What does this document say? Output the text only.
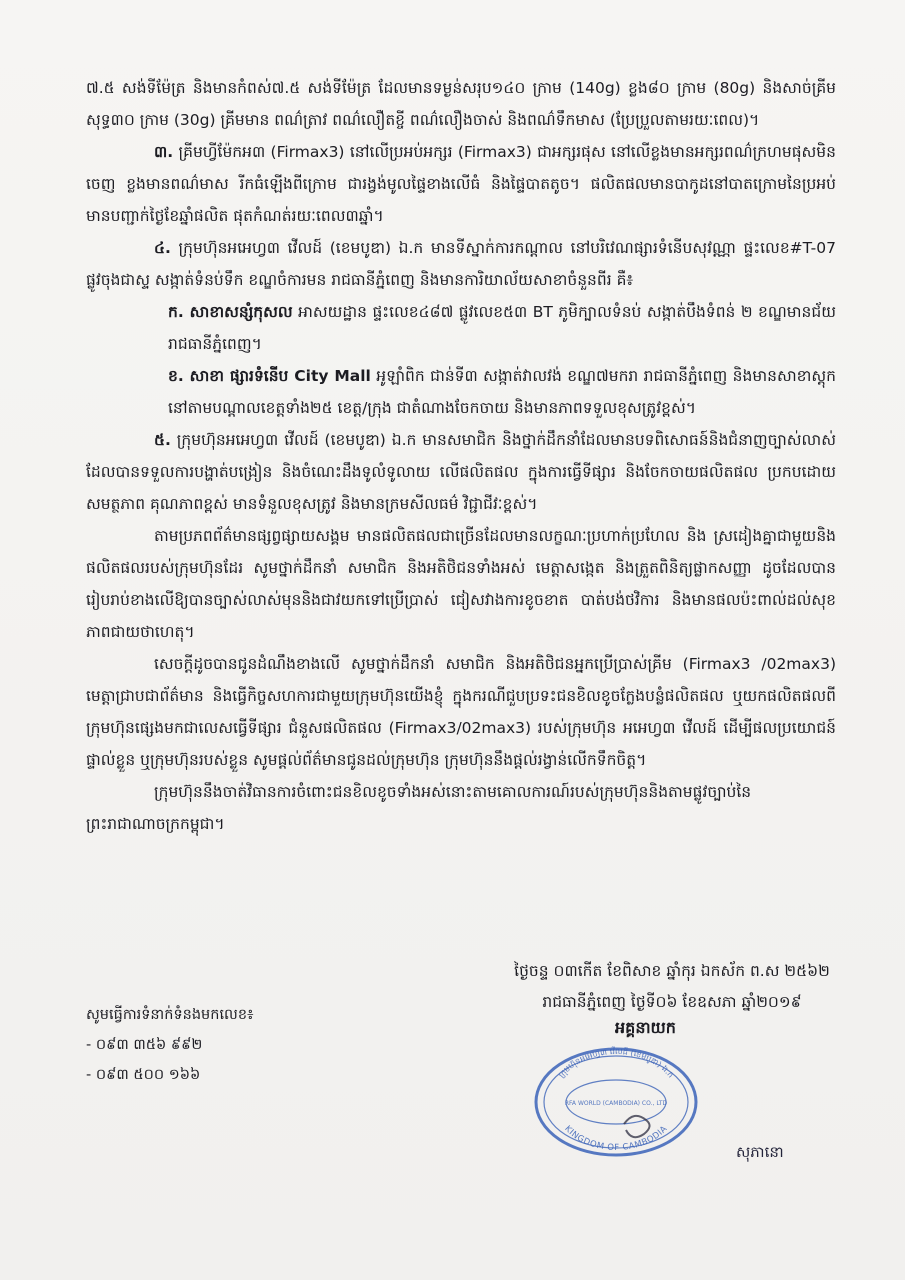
៧.៥ សង់ទីម៉ែត្រ និងមានកំពស់៧.៥ សង់ទីម៉ែត្រ ដែលមានទម្ងន់សរុប១៤០ ក្រាម (140g) ខ្លង៨០ ក្រាម (80g) និងសាច់គ្រីមសុទ្ធ៣០ ក្រាម (30g) គ្រីមមាន ពណ៌ត្រាវ ពណ៌លឿតខ្ចី ពណ៌លឿងចាស់ និងពណ៌ទឹកមាស (ប្រែប្រួលតាមរយៈពេល)។

៣. គ្រីមហ្វីម៉ែកអ៣ (Firmax3) នៅលើប្រអប់អក្សរ (Firmax3) ជាអក្សរផុស នៅលើខ្លងមានអក្សរពណ៌ក្រហមផុសមិនចេញ ខ្លងមានពណ៌មាស រីកធំឡើងពីក្រោម ជារង្វង់មូលផ្ទៃខាងលើធំ និងផ្ទៃបាតតូច។ ផលិតផលមានបាកូដនៅបាតក្រោមនៃប្រអប់ មានបញ្ជាក់ថ្ងៃខែឆ្នាំផលិត ផុតកំណត់រយៈពេល៣ឆ្នាំ។

៤. ក្រុមហ៊ុនអអេហ្វ៣ វើលដ៍ (ខេមបូឌា) ឯ.ក មានទីស្នាក់ការកណ្តាល នៅបរិវេណផ្សារទំនើបសុវណ្ណា ផ្ទះលេខ#T-07 ផ្លូវចុងជាស្ទ សង្កាត់ទំនប់ទឹក ខណ្ឌចំការមន រាជធានីភ្នំពេញ និងមានការិយាល័យសាខាចំនួនពីរ គឺ៖

ក. សាខាសន្សំកុសល អាសយដ្ឋាន ផ្ទះលេខ៤៨៧ ផ្លូវលេខ៥៣ BT ភូមិក្បាលទំនប់ សង្កាត់បឹងទំពន់ ២ ខណ្ឌមានជ័យ រាជធានីភ្នំពេញ។

ខ. សាខា ផ្សារទំនើប City Mall អូឡាំពិក ជាន់ទី៣ សង្កាត់វាលវង់ ខណ្ឌ៧មករា រាជធានីភ្នំពេញ និងមានសាខាស្តុកនៅតាមបណ្តាលខេត្តទាំង២៥ ខេត្ត/ក្រុង ជាតំណាងចែកចាយ និងមានភាពទទួលខុសត្រូវខ្ពស់។

៥. ក្រុមហ៊ុនអអេហ្វ៣ វើលដ៍ (ខេមបូឌា) ឯ.ក មានសមាជិក និងថ្នាក់ដឹកនាំដែលមានបទពិសោធន៍និងជំនាញច្បាស់លាស់ ដែលបានទទួលការបង្ហាត់បង្រៀន និងចំណេះដឹងទូលំទូលាយ លើផលិតផល ក្នុងការធ្វើទីផ្សារ និងចែកចាយផលិតផល ប្រកបដោយសមត្ថភាព គុណភាពខ្ពស់ មានទំនួលខុសត្រូវ និងមានក្រមសីលធម៌ វិជ្ជាជីវៈខ្ពស់។

តាមប្រភពព័ត៌មានផ្សព្វផ្សាយសង្គម មានផលិតផលជាច្រើនដែលមានលក្ខណៈប្រហាក់ប្រហែល និង ស្រដៀងគ្នាជាមួយនិងផលិតផលរបស់ក្រុមហ៊ុនដែរ សូមថ្នាក់ដឹកនាំ សមាជិក និងអតិថិជនទាំងអស់ មេត្តាសង្កេត និងត្រួតពិនិត្យផ្លាកសញ្ញា ដូចដែលបានរៀបរាប់ខាងលើឱ្យបានច្បាស់លាស់មុននិងជាវយកទៅប្រើប្រាស់ ជៀសវាងការខូចខាត បាត់បង់ថវិការ និងមានផលប៉ះពាល់ដល់សុខភាពជាយថាហេតុ។

សេចក្តីដូចបានជូនដំណឹងខាងលើ សូមថ្នាក់ដឹកនាំ សមាជិក និងអតិថិជនអ្នកប្រើប្រាស់គ្រីម (Firmax3 /02max3) មេត្តាជ្រាបជាព័ត៌មាន និងធ្វើកិច្ចសហការជាមួយក្រុមហ៊ុនយើងខ្ញុំ ក្នុងករណីជួបប្រទះជនខិលខូចក្លែងបន្លំផលិតផល ឬយកផលិតផលពីក្រុមហ៊ុនផ្សេងមកជាលេសធ្វើទីផ្សារ ជំនួសផលិតផល (Firmax3/02max3) របស់ក្រុមហ៊ុន អអេហ្វ៣ វើលដ៍ ដើម្បីផលប្រយោជន៍ផ្ទាល់ខ្លួន ឬក្រុមហ៊ុនរបស់ខ្លួន សូមផ្តល់ព័ត៌មានជូនដល់ក្រុមហ៊ុន ក្រុមហ៊ុននឹងផ្តល់រង្វាន់លើកទឹកចិត្ត។

ក្រុមហ៊ុននឹងចាត់វិធានការចំពោះជនខិលខូចទាំងអស់នោះតាមគោលការណ៍របស់ក្រុមហ៊ុននិងតាមផ្លូវច្បាប់នៃព្រះរាជាណាចក្រកម្ពុជា។

ថ្ងៃចន្ទ ០៣កើត ខែពិសាខ ឆ្នាំកុរ ឯកស័ក ព.ស ២៥៦២
រាជធានីភ្នំពេញ ថ្ងៃទី០៦ ខែឧសភា ឆ្នាំ២០១៩
សូមធ្វើការទំនាក់ទំនងមកលេខ៖
- ០៩៣ ៣៥៦ ៩៩២
- ០៩៣ ៥០០ ១៦៦
អគ្គនាយក
ក្រុមហ៊ុនអអេហ្វ៣ វើលដ៍ (ខេមបូឌា) ឯ.ក
RFA WORLD (CAMBODIA) CO., LTD
KINGDOM OF CAMBODIA
សុភានោ
